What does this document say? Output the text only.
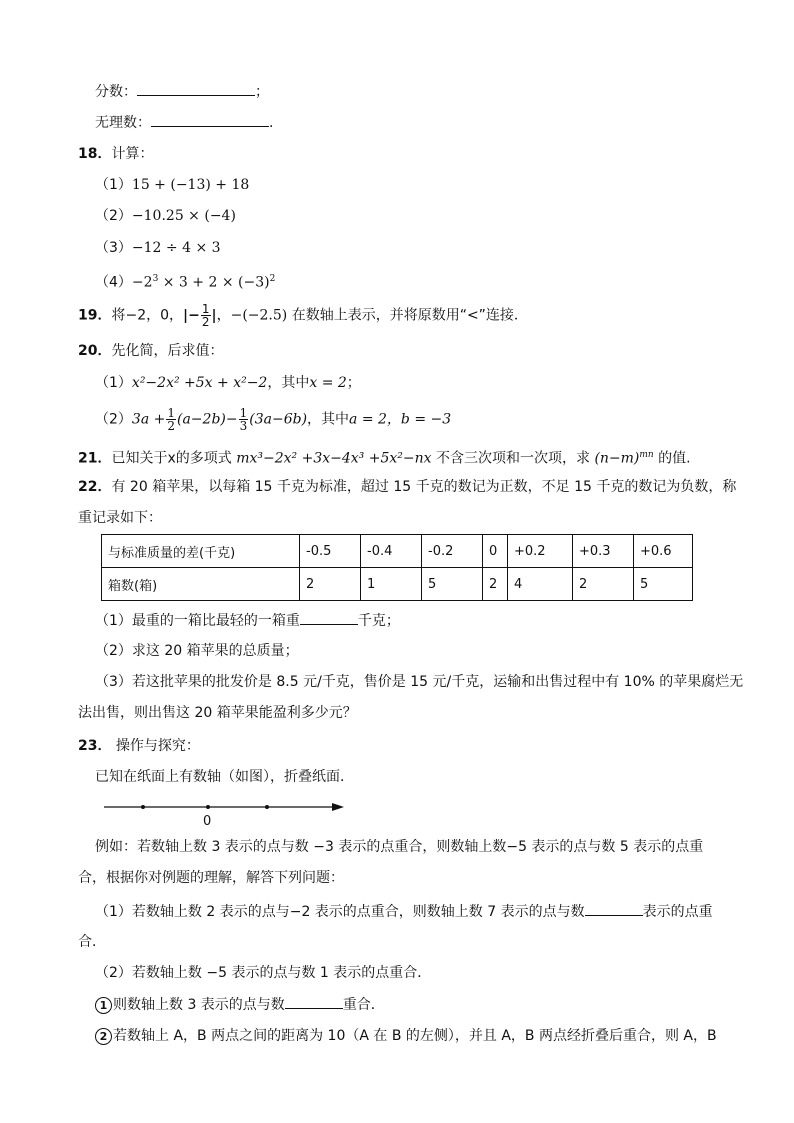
分数：	；
无理数：	.
18．计算：
（1）15 + (−13) + 18
（2）−10.25 × (−4)
（3）−12 ÷ 4 × 3
$(4)-2^3 \times 3 + 2 \times (-3)^2$
19．将−2，0，|− $\frac{1}{2}$ |，−(−2.5) 在数轴上表示，并将原数用“<”连接．
20．先化简，后求值：
（1）x²−2x² +5x + x²−2，其中x = 2；
$(2)3a + \frac{1}{2} (a-2b)- \frac{1}{3} (3a-6b)$，其中a = 2，b = −3
21．已知关于x的多项式 mx³−2x² +3x−4x³ +5x²−nx 不含三次项和一次项，求 $(n-m)^{mn}$ 的值.
22．有 20 箱苹果，以每箱 15 千克为标准，超过 15 千克的数记为正数，不足 15 千克的数记为负数，称
重记录如下：
与标准质量的差(千克)	-0.5	-0.4	-0.2	0	+0.2	+0.3	+0.6
箱数(箱)	2	1	5	2	4	2	5
（1）最重的一箱比最轻的一箱重	千克；
（2）求这 20 箱苹果的总质量；
（3）若这批苹果的批发价是 8.5 元/千克，售价是 15 元/千克，运输和出售过程中有 10% 的苹果腐烂无
法出售，则出售这 20 箱苹果能盈利多少元？
23． 操作与探究：
已知在纸面上有数轴（如图），折叠纸面．
0
例如：若数轴上数 3 表示的点与数 −3 表示的点重合，则数轴上数−5 表示的点与数 5 表示的点重
合，根据你对例题的理解，解答下列问题：
（1）若数轴上数 2 表示的点与−2 表示的点重合，则数轴上数 7 表示的点与数	表示的点重
合．
（2）若数轴上数 −5 表示的点与数 1 表示的点重合．
1 则数轴上数 3 表示的点与数	重合．
2 若数轴上 A，B 两点之间的距离为 10（A 在 B 的左侧），并且 A，B 两点经折叠后重合，则 A，B
